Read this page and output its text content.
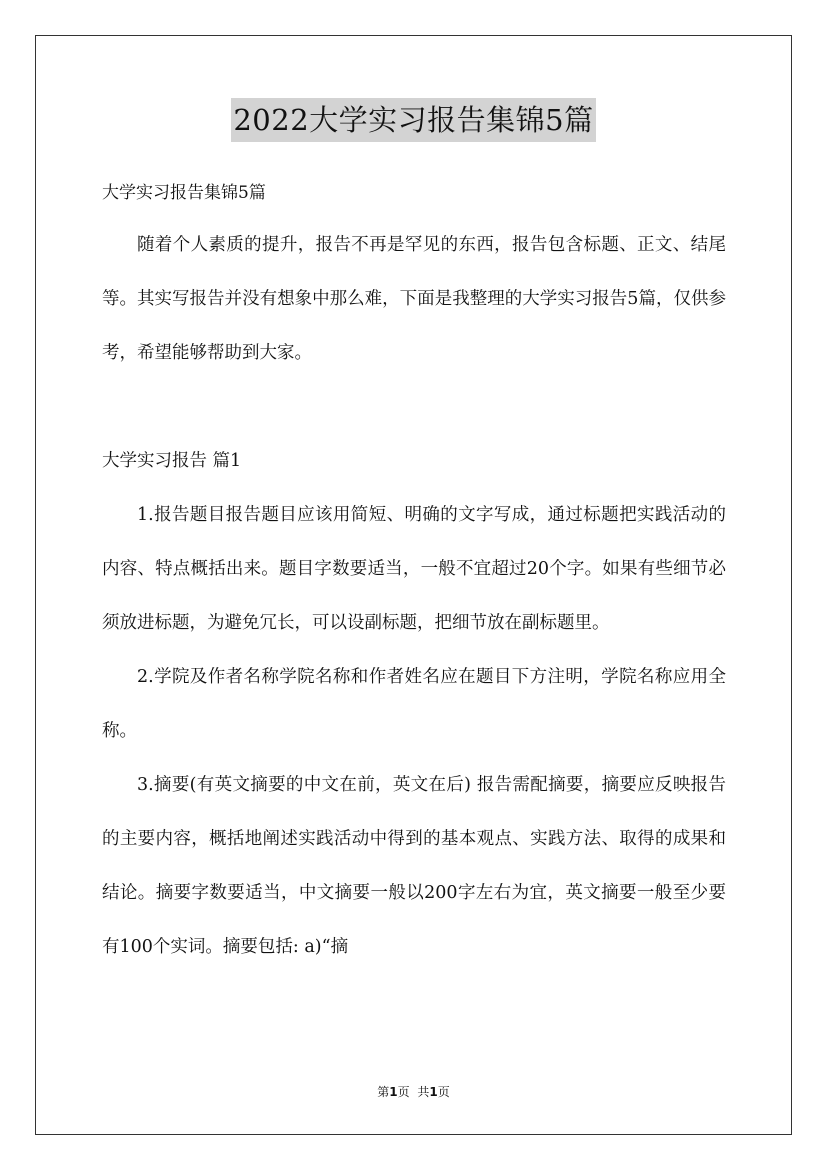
2022大学实习报告集锦5篇

大学实习报告集锦5篇

随着个人素质的提升，报告不再是罕见的东西，报告包含标题、正文、结尾等。其实写报告并没有想象中那么难，下面是我整理的大学实习报告5篇，仅供参考，希望能够帮助到大家。

大学实习报告 篇1

1.报告题目报告题目应该用简短、明确的文字写成，通过标题把实践活动的内容、特点概括出来。题目字数要适当，一般不宜超过20个字。如果有些细节必须放进标题，为避免冗长，可以设副标题，把细节放在副标题里。

2.学院及作者名称学院名称和作者姓名应在题目下方注明，学院名称应用全称。

3.摘要(有英文摘要的中文在前，英文在后) 报告需配摘要，摘要应反映报告的主要内容，概括地阐述实践活动中得到的基本观点、实践方法、取得的成果和结论。摘要字数要适当，中文摘要一般以200字左右为宜，英文摘要一般至少要有100个实词。摘要包括: a)“摘

第1页 共1页
